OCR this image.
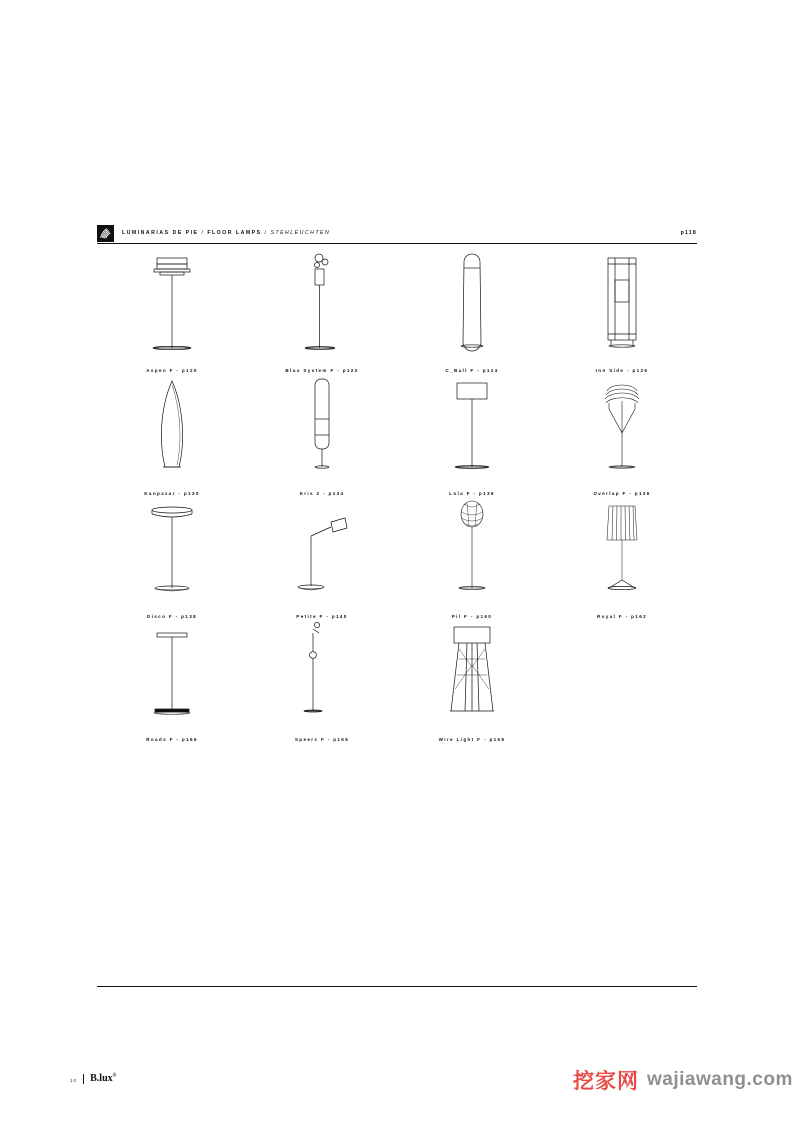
LUMINARIAS DE PIE / FLOOR LAMPS / STEHLEUCHTEN	p118
Aspen F - p120	Blux System F - p122	C_Ball F - p124	Inn Side - p126
Kanpazar - p130	Kris 2 - p134	Lola F - p136	Overlap F - p136
Disco F - p138	Petite F - p140	Pil F - p160	Royal F - p162
Roads F - p166	Speers F - p165	Wire Light F - p168
10 B.lux®	挖家网 wajiawang.com
